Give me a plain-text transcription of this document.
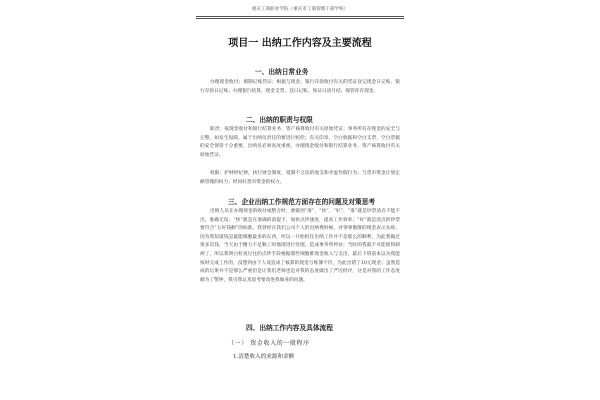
重庆工商职业学院（重庆市工商管理干部学校）
项目一 出纳工作内容及主要流程
一、出纳日常业务

办理现金收付；填制记账凭证；根据与现金、银行存款收付有关的凭证登记现金日记账、银行存款日记账；办理银行结算、现金支票、登日记账，保证日清月结；保管库有现金。

二、出纳的职责与权限

职责：按现金收付和银行结算业务、资产核算收付有关原始凭证；事务所有存现金的安全与完整，如发生短缺，属于出纳员责任的要进行赔偿；有关印章、空白收据和空白支票、空白票据的安全保管十分重要，出纳员必须高度重视，办理现金收付和银行结算业务、资产核算收付有关原始凭证。

权限：护财经纪律，执行财会制度，抵制不合法的收支和弄虚作假行为；与货币资金计划定额管理的权力；经同好货币资金的权力。

三、企业出纳工作规范方面存在的问题及对策思考

出纳人员在办理现金的收付或整合时，要做到“准”、“快”、“好”、“准”就是钞票清点不能不出，准确无误；“快”就是在准确的前提下，加快点钞速度，提高工作效率；“好”就是清点的钞票要符合“五好钱捆”的标准。我曾经在我们公司个人的出纳费时候，对零零散散的现金表示头疼，因为我知道钱是最能细胞最多的东西，所以一开始担任出纳工作并不是那么的顺利，为此我做过很多次钱，当天由于精力不足顺工时地现进行处理，造成事务所停业；当时的我就不可能推得卸掉了，所以我明白检查过往的点钞手段根据那些细胞难现金收入与支出，最后下班前本以为我能按时完成工作的，没想到由于人设造成了核算的现金与账簿不符，为此出错了10元现金；虽然造成的后果并不是那么严重但是让我们老师也是对我的态度做出了严厉批评，这是对我的工作态度颇为了警钟，我引我认真思考要改进我做业的问题。

四、出纳工作内容及具体流程
（一） 资金收入的一般程序
1.清楚收入的来源和金额
